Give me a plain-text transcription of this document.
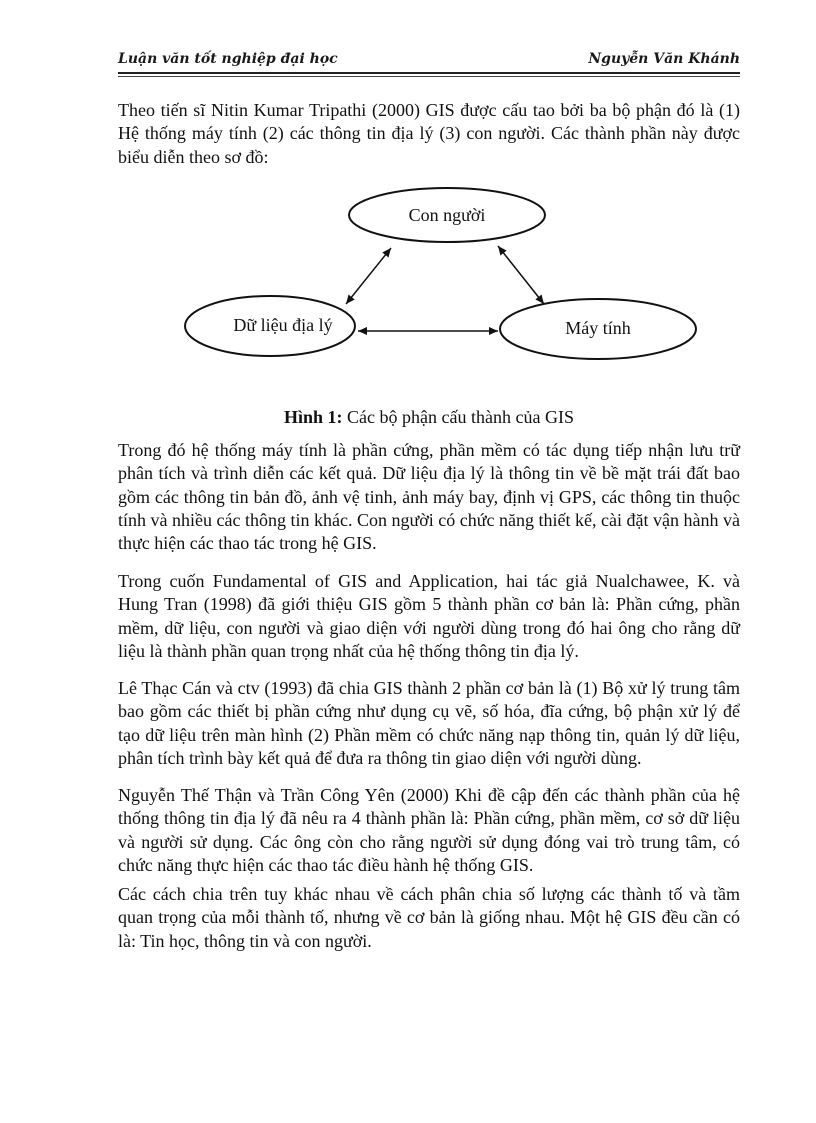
Luận văn tốt nghiệp đại học	Nguyễn Văn Khánh

Theo tiến sĩ Nitin Kumar Tripathi (2000) GIS được cấu tao bởi ba bộ phận đó là (1) Hệ thống máy tính (2) các thông tin địa lý (3) con người. Các thành phần này được biểu diễn theo sơ đồ:

Con người
Dữ liệu địa lý	Máy tính
Hình 1: Các bộ phận cấu thành của GIS

Trong đó hệ thống máy tính là phần cứng, phần mềm có tác dụng tiếp nhận lưu trữ phân tích và trình diễn các kết quả. Dữ liệu địa lý là thông tin về bề mặt trái đất bao gồm các thông tin bản đồ, ảnh vệ tinh, ảnh máy bay, định vị GPS, các thông tin thuộc tính và nhiều các thông tin khác. Con người có chức năng thiết kế, cài đặt vận hành và thực hiện các thao tác trong hệ GIS.

Trong cuốn Fundamental of GIS and Application, hai tác giả Nualchawee, K. và Hung Tran (1998) đã giới thiệu GIS gồm 5 thành phần cơ bản là: Phần cứng, phần mềm, dữ liệu, con người và giao diện với người dùng trong đó hai ông cho rằng dữ liệu là thành phần quan trọng nhất của hệ thống thông tin địa lý.

Lê Thạc Cán và ctv (1993) đã chia GIS thành 2 phần cơ bản là (1) Bộ xử lý trung tâm bao gồm các thiết bị phần cứng như dụng cụ vẽ, số hóa, đĩa cứng, bộ phận xử lý để tạo dữ liệu trên màn hình (2) Phần mềm có chức năng nạp thông tin, quản lý dữ liệu, phân tích trình bày kết quả để đưa ra thông tin giao diện với người dùng.

Nguyễn Thế Thận và Trần Công Yên (2000) Khi đề cập đến các thành phần của hệ thống thông tin địa lý đã nêu ra 4 thành phần là: Phần cứng, phần mềm, cơ sở dữ liệu và người sử dụng. Các ông còn cho rằng người sử dụng đóng vai trò trung tâm, có chức năng thực hiện các thao tác điều hành hệ thống GIS.

Các cách chia trên tuy khác nhau về cách phân chia số lượng các thành tố và tầm quan trọng của mỗi thành tố, nhưng về cơ bản là giống nhau. Một hệ GIS đều cần có là: Tin học, thông tin và con người.
